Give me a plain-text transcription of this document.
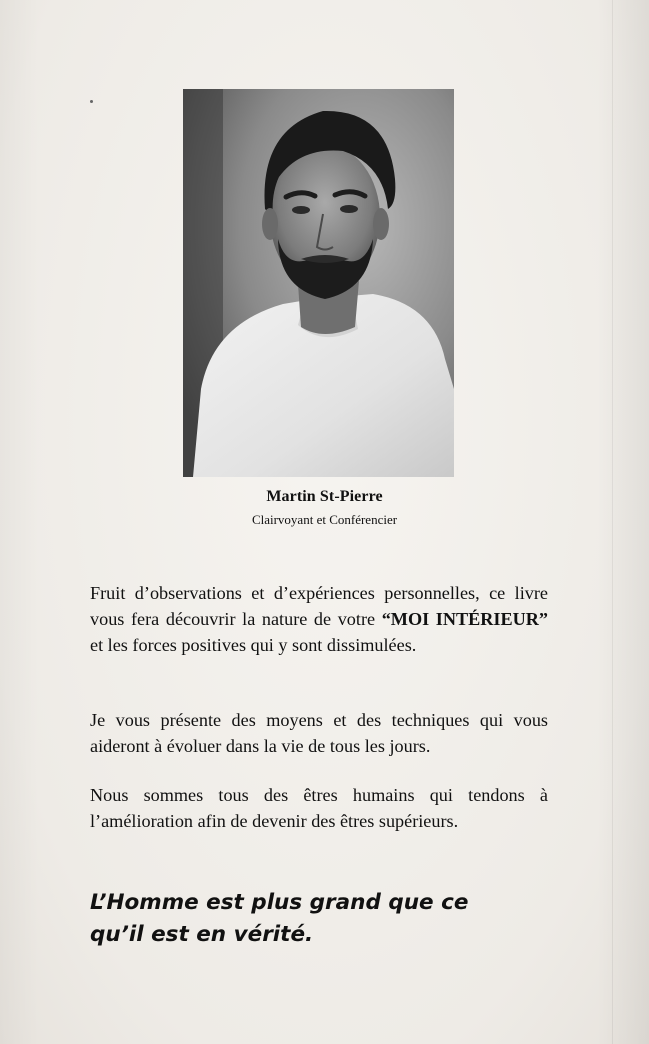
Martin St-Pierre
Clairvoyant et Conférencier

Fruit d’observations et d’expériences personnelles, ce livre vous fera découvrir la nature de votre “MOI INTÉRIEUR” et les forces positives qui y sont dissimulées.

Je vous présente des moyens et des techniques qui vous aideront à évoluer dans la vie de tous les jours.

Nous sommes tous des êtres humains qui tendons à l’amélioration afin de devenir des êtres supérieurs.

L’Homme est plus grand que ce
qu’il est en vérité.
